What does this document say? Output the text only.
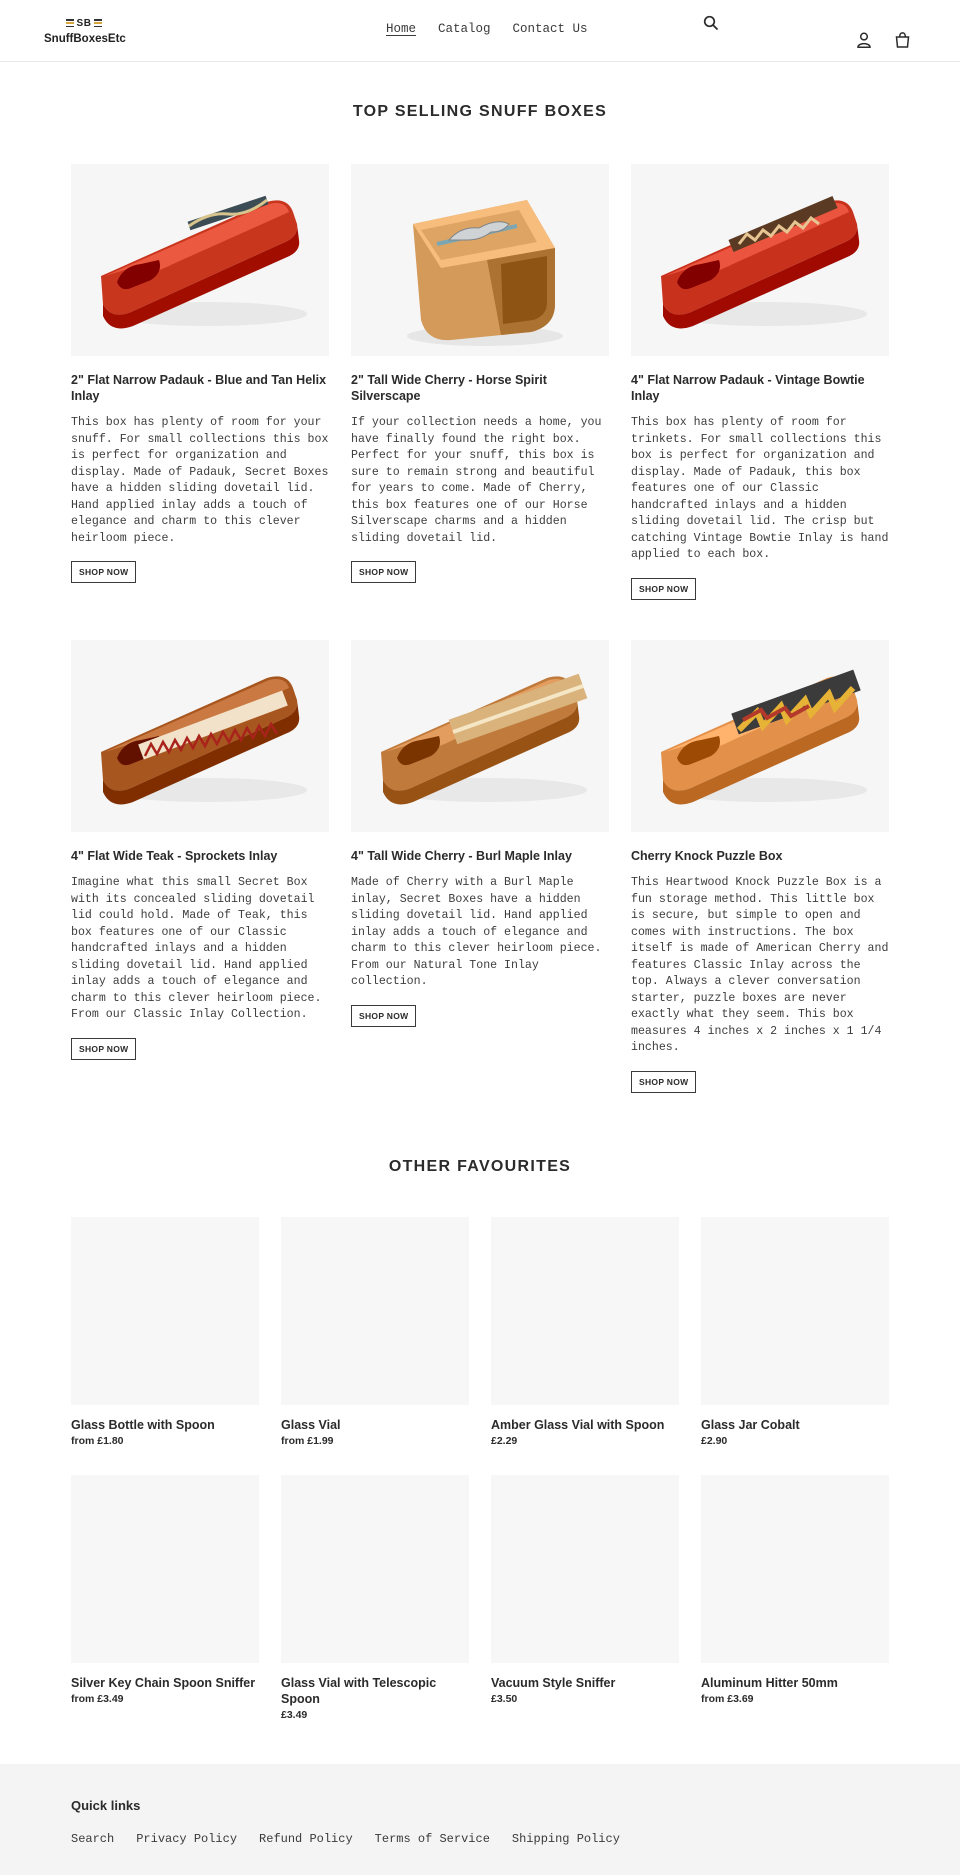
SB
SnuffBoxesEtc
Home Catalog Contact Us
TOP SELLING SNUFF BOXES
2" Flat Narrow Padauk - Blue and Tan Helix Inlay
This box has plenty of room for your snuff. For small collections this box is perfect for organization and display. Made of Padauk, Secret Boxes have a hidden sliding dovetail lid. Hand applied inlay adds a touch of elegance and charm to this clever heirloom piece.
SHOP NOW
2" Tall Wide Cherry - Horse Spirit Silverscape
If your collection needs a home, you have finally found the right box. Perfect for your snuff, this box is sure to remain strong and beautiful for years to come. Made of Cherry, this box features one of our Horse Silverscape charms and a hidden sliding dovetail lid.
SHOP NOW
4" Flat Narrow Padauk - Vintage Bowtie Inlay
This box has plenty of room for trinkets. For small collections this box is perfect for organization and display. Made of Padauk, this box features one of our Classic handcrafted inlays and a hidden sliding dovetail lid. The crisp but catching Vintage Bowtie Inlay is hand applied to each box.
SHOP NOW
4" Flat Wide Teak - Sprockets Inlay
Imagine what this small Secret Box with its concealed sliding dovetail lid could hold. Made of Teak, this box features one of our Classic handcrafted inlays and a hidden sliding dovetail lid. Hand applied inlay adds a touch of elegance and charm to this clever heirloom piece. From our Classic Inlay Collection.
SHOP NOW
4" Tall Wide Cherry - Burl Maple Inlay
Made of Cherry with a Burl Maple inlay, Secret Boxes have a hidden sliding dovetail lid. Hand applied inlay adds a touch of elegance and charm to this clever heirloom piece. From our Natural Tone Inlay collection.
SHOP NOW
Cherry Knock Puzzle Box
This Heartwood Knock Puzzle Box is a fun storage method. This little box is secure, but simple to open and comes with instructions. The box itself is made of American Cherry and features Classic Inlay across the top. Always a clever conversation starter, puzzle boxes are never exactly what they seem. This box measures 4 inches x 2 inches x 1 1/4 inches.
SHOP NOW
OTHER FAVOURITES
Glass Bottle with Spoon
from £1.80
Glass Vial
from £1.99
Amber Glass Vial with Spoon
£2.29
Glass Jar Cobalt
£2.90
Silver Key Chain Spoon Sniffer
from £3.49
Glass Vial with Telescopic Spoon
£3.49
Vacuum Style Sniffer
£3.50
Aluminum Hitter 50mm
from £3.69
Quick links
Search Privacy Policy Refund Policy Terms of Service Shipping Policy
